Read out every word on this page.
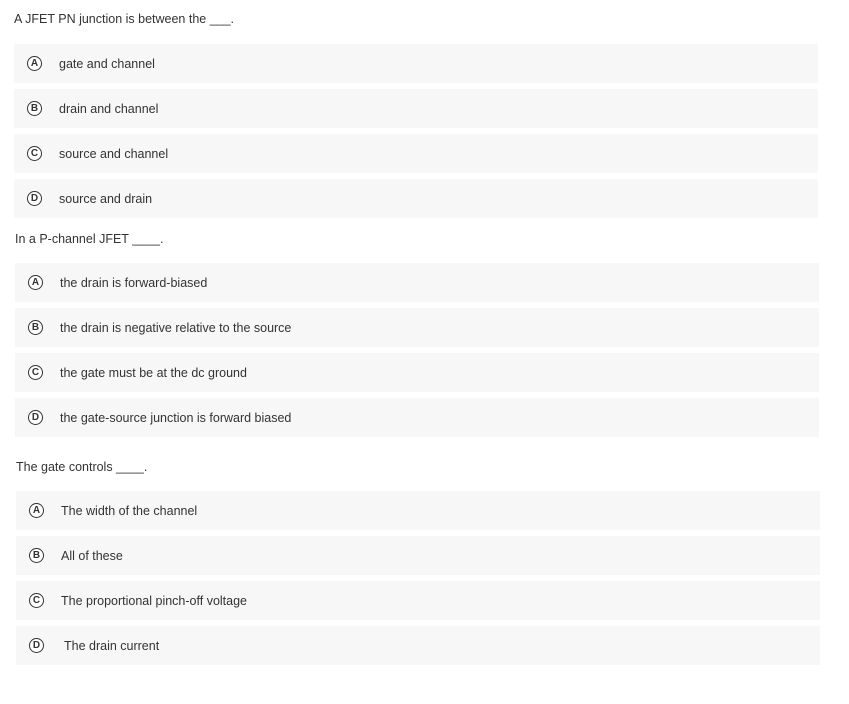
A JFET PN junction is between the ___.
A	gate and channel
B	drain and channel
C	source and channel
D	source and drain
In a P-channel JFET ____.
A	the drain is forward-biased
B	the drain is negative relative to the source
C	the gate must be at the dc ground
D	the gate-source junction is forward biased
The gate controls ____.
A	The width of the channel
B	All of these
C	The proportional pinch-off voltage
D	The drain current
